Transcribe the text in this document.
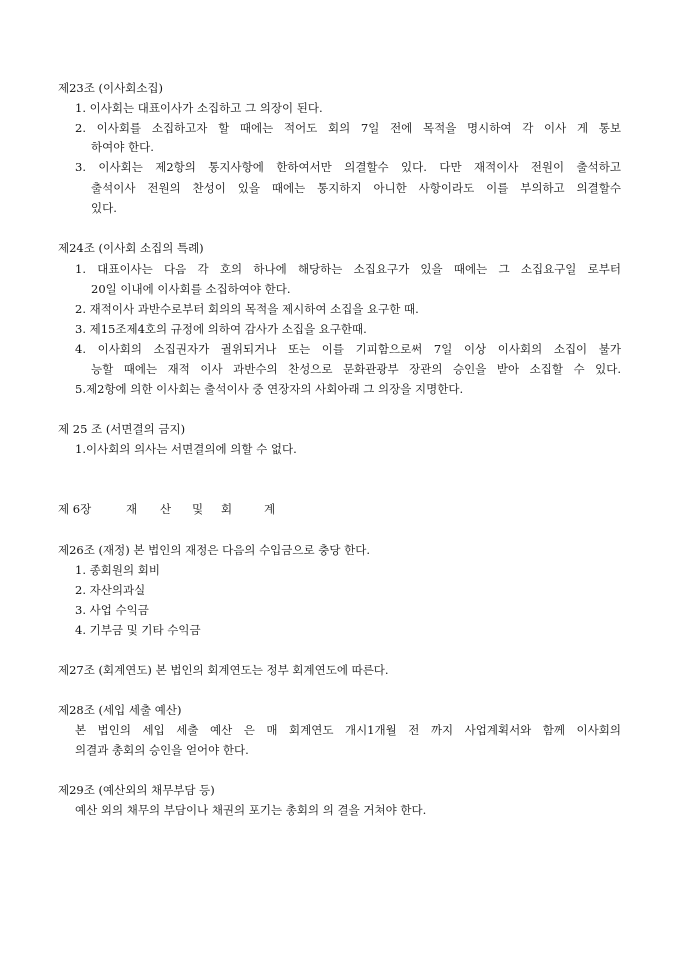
제23조 (이사회소집)
1. 이사회는 대표이사가 소집하고 그 의장이 된다.
2. 이사회를 소집하고자 할 때에는 적어도 회의 7일 전에 목적을 명시하여 각 이사 게 통보
하여야 한다.
3. 이사회는 제2항의 통지사항에 한하여서만 의결할수 있다. 다만 재적이사 전원이 출석하고
출석이사 전원의 찬성이 있을 때에는 통지하지 아니한 사항이라도 이를 부의하고 의결할수
있다.
제24조 (이사회 소집의 특례)
1. 대표이사는 다음 각 호의 하나에 해당하는 소집요구가 있을 때에는 그 소집요구일 로부터
20일 이내에 이사회를 소집하여야 한다.
2. 재적이사 과반수로부터 회의의 목적을 제시하여 소집을 요구한 때.
3. 제15조제4호의 규정에 의하여 감사가 소집을 요구한때.
4. 이사회의 소집권자가 궐위되거나 또는 이를 기피함으로써 7일 이상 이사회의 소집이 불가
능할 때에는 재적 이사 과반수의 찬성으로 문화관광부 장관의 승인을 받아 소집할 수 있다.
5.제2항에 의한 이사회는 출석이사 중 연장자의 사회아래 그 의장을 지명한다.
제 25 조 (서면결의 금지)
1.이사회의 의사는 서면결의에 의할 수 없다.
제 6장	재 산 및 회	계
제26조 (재정) 본 법인의 재정은 다음의 수입금으로 충당 한다.
1. 종회원의 회비
2. 자산의과실
3. 사업 수익금
4. 기부금 및 기타 수익금
제27조 (회계연도) 본 법인의 회계연도는 정부 회계연도에 따른다.
제28조 (세입 세출 예산)
본 법인의 세입 세출 예산 은 매 회계연도 개시1개월 전 까지 사업계획서와 함께 이사회의
의결과 총회의 승인을 얻어야 한다.
제29조 (예산외의 채무부담 등)
예산 외의 채무의 부담이나 채권의 포기는 총회의 의 결을 거쳐야 한다.
